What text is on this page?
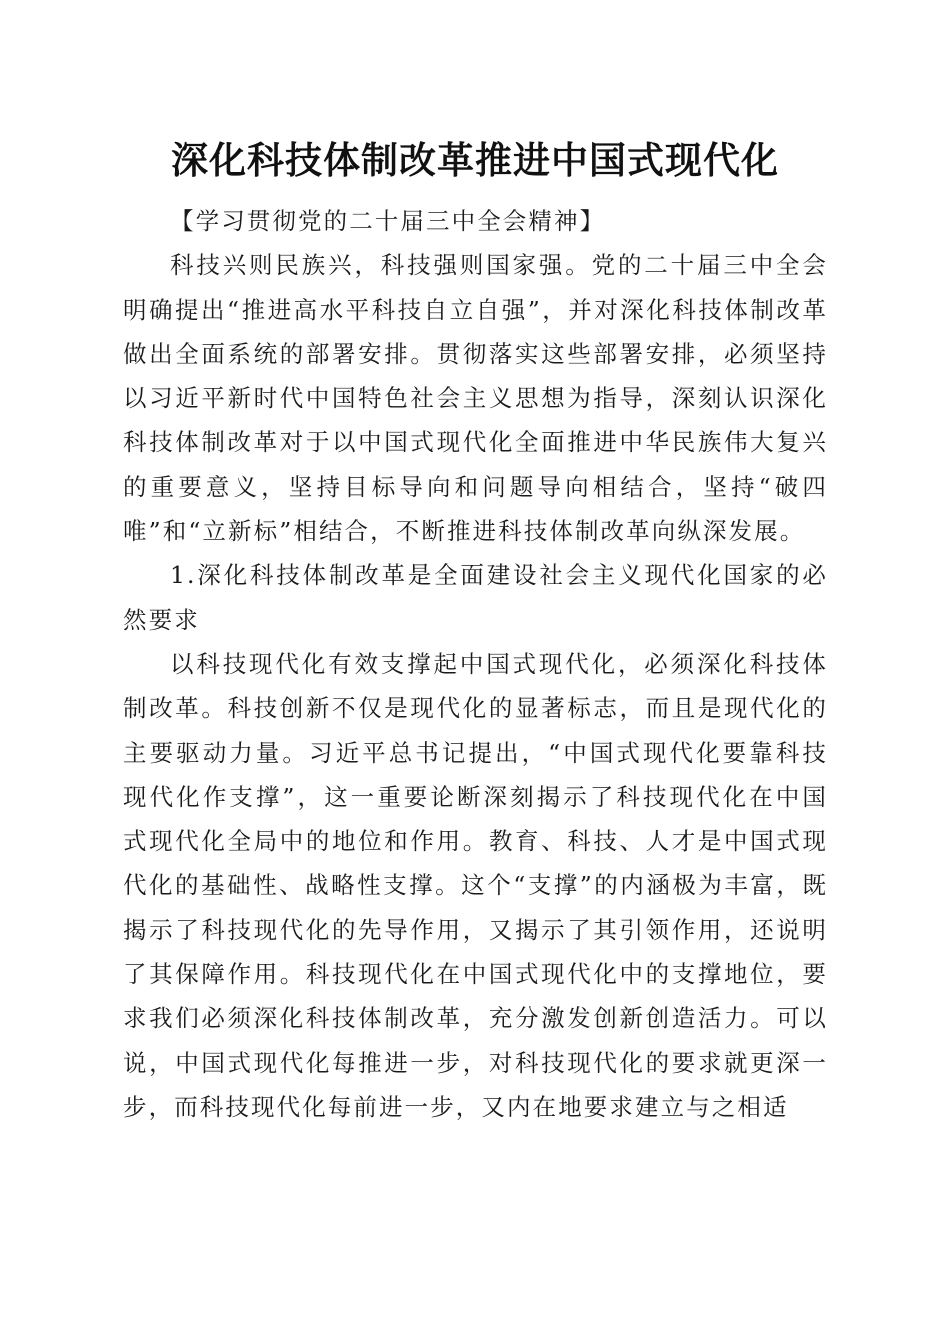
深化科技体制改革推进中国式现代化

【学习贯彻党的二十届三中全会精神】

科技兴则民族兴，科技强则国家强。党的二十届三中全会明确提出“推进高水平科技自立自强”，并对深化科技体制改革做出全面系统的部署安排。贯彻落实这些部署安排，必须坚持以习近平新时代中国特色社会主义思想为指导，深刻认识深化科技体制改革对于以中国式现代化全面推进中华民族伟大复兴的重要意义，坚持目标导向和问题导向相结合，坚持“破四唯”和“立新标”相结合，不断推进科技体制改革向纵深发展。

1.深化科技体制改革是全面建设社会主义现代化国家的必然要求

以科技现代化有效支撑起中国式现代化，必须深化科技体制改革。科技创新不仅是现代化的显著标志，而且是现代化的主要驱动力量。习近平总书记提出，“中国式现代化要靠科技现代化作支撑”，这一重要论断深刻揭示了科技现代化在中国式现代化全局中的地位和作用。教育、科技、人才是中国式现代化的基础性、战略性支撑。这个“支撑”的内涵极为丰富，既揭示了科技现代化的先导作用，又揭示了其引领作用，还说明了其保障作用。科技现代化在中国式现代化中的支撑地位，要求我们必须深化科技体制改革，充分激发创新创造活力。可以说，中国式现代化每推进一步，对科技现代化的要求就更深一步，而科技现代化每前进一步，又内在地要求建立与之相适
